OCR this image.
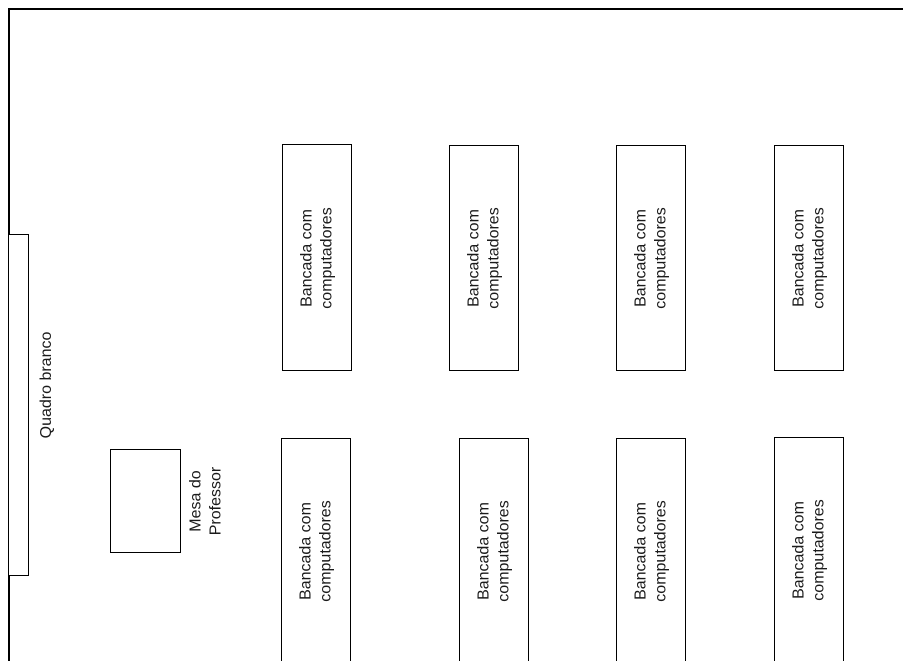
Quadro branco
Mesa do Professor
Bancada com computadores	Bancada com computadores	Bancada com computadores	Bancada com computadores
Bancada com computadores	Bancada com computadores	Bancada com computadores	Bancada com computadores
